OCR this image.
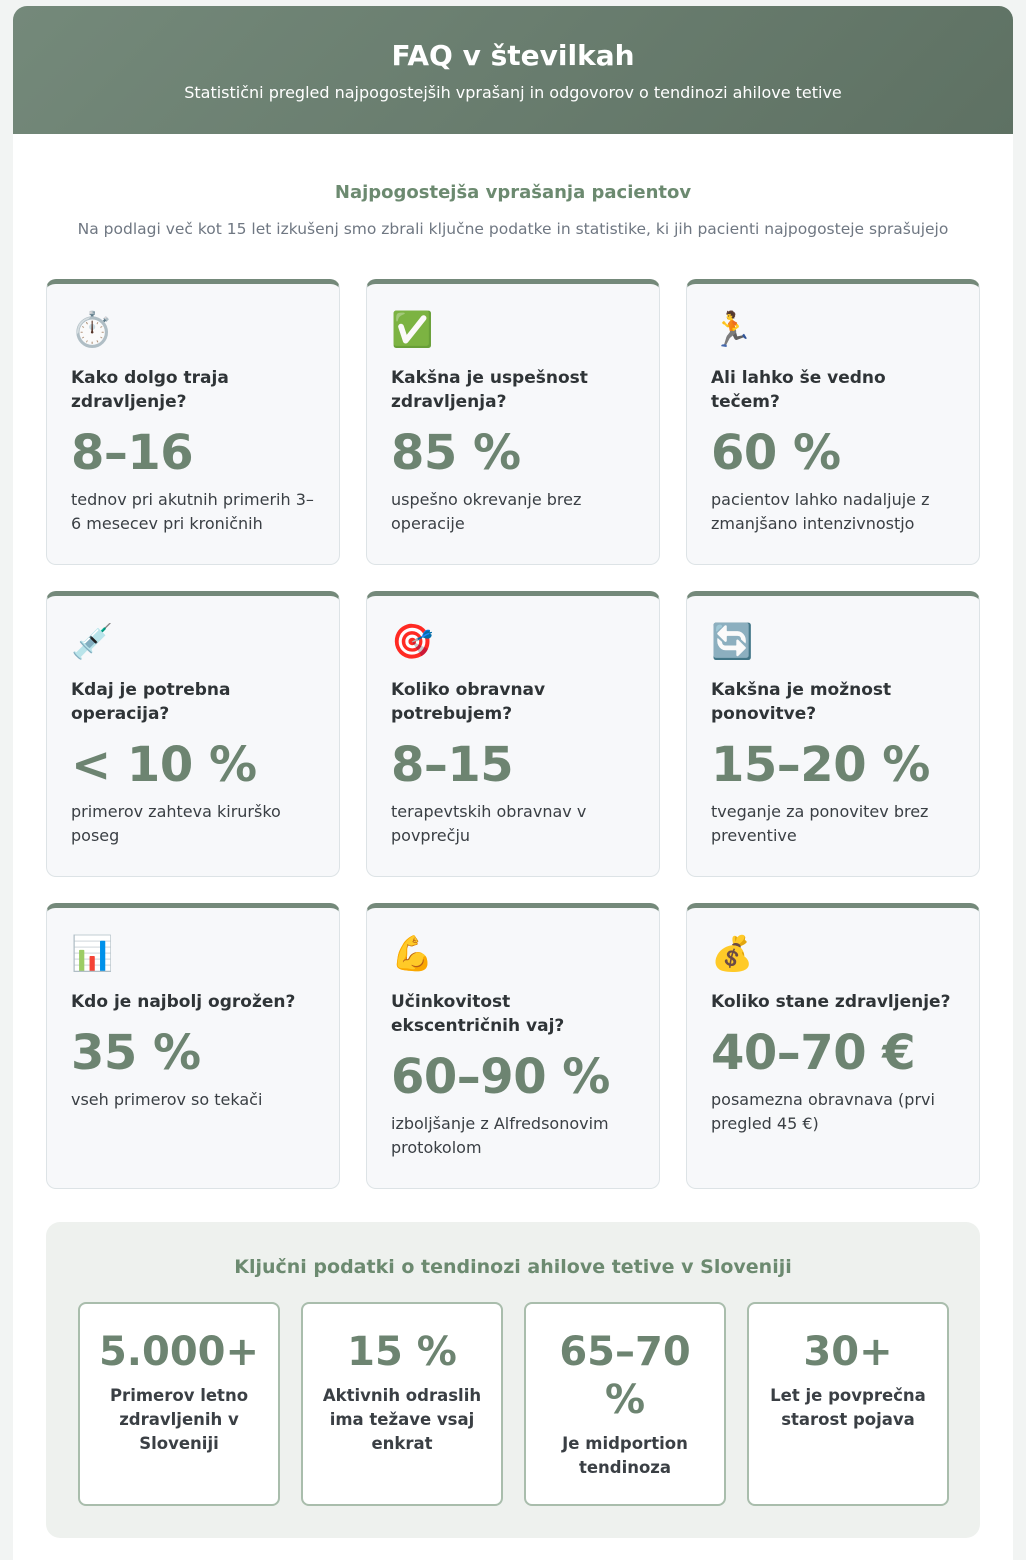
FAQ v številkah

Statistični pregled najpogostejših vprašanj in odgovorov o tendinozi ahilove tetive

Najpogostejša vprašanja pacientov
Na podlagi več kot 15 let izkušenj smo zbrali ključne podatke in statistike, ki jih pacienti najpogosteje sprašujejo
⏱️
Kako dolgo traja zdravljenje?
8–16
tednov pri akutnih primerih 3–6 mesecev pri kroničnih
✅
Kakšna je uspešnost zdravljenja?
85 %
uspešno okrevanje brez operacije
🏃
Ali lahko še vedno tečem?
60 %
pacientov lahko nadaljuje z zmanjšano intenzivnostjo
💉
Kdaj je potrebna operacija?
< 10 %
primerov zahteva kirurško poseg
🎯
Koliko obravnav potrebujem?
8–15
terapevtskih obravnav v povprečju
🔄
Kakšna je možnost ponovitve?
15–20 %
tveganje za ponovitev brez preventive
📊
Kdo je najbolj ogrožen?
35 %
vseh primerov so tekači
💪
Učinkovitost ekscentričnih vaj?
60–90 %
izboljšanje z Alfredsonovim protokolom
💰
Koliko stane zdravljenje?
40–70 €
posamezna obravnava (prvi pregled 45 €)
Ključni podatki o tendinozi ahilove tetive v Sloveniji
5.000+
Primerov letno zdravljenih v Sloveniji
15 %
Aktivnih odraslih ima težave vsaj enkrat
65–70 %
Je midportion tendinoza
30+
Let je povprečna starost pojava
